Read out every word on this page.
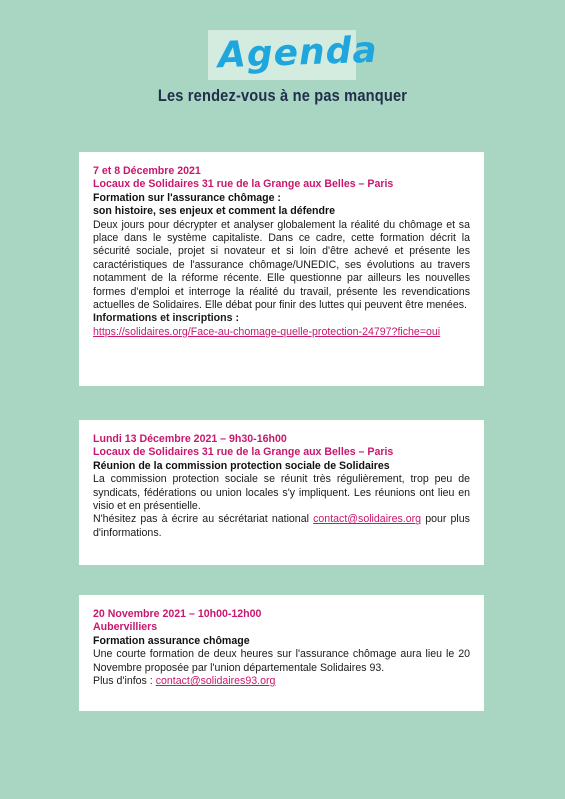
Agenda
Les rendez-vous à ne pas manquer
7 et 8 Décembre 2021
Locaux de Solidaires 31 rue de la Grange aux Belles – Paris
Formation sur l'assurance chômage :
son histoire, ses enjeux et comment la défendre
Deux jours pour décrypter et analyser globalement la réalité du chômage et sa place dans le système capitaliste. Dans ce cadre, cette formation décrit la sécurité sociale, projet si novateur et si loin d'être achevé et présente les caractéristiques de l'assurance chômage/UNEDIC, ses évolutions au travers notamment de la réforme récente. Elle questionne par ailleurs les nouvelles formes d'emploi et interroge la réalité du travail, présente les revendications actuelles de Solidaires. Elle débat pour finir des luttes qui peuvent être menées.
Informations et inscriptions :
https://solidaires.org/Face-au-chomage-quelle-protection-24797?fiche=oui
Lundi 13 Décembre 2021 – 9h30-16h00
Locaux de Solidaires 31 rue de la Grange aux Belles – Paris
Réunion de la commission protection sociale de Solidaires
La commission protection sociale se réunit très régulièrement, trop peu de syndicats, fédérations ou union locales s'y impliquent. Les réunions ont lieu en visio et en présentielle.
N'hésitez pas à écrire au sécrétariat national contact@solidaires.org pour plus d'informations.
20 Novembre 2021 – 10h00-12h00
Aubervilliers
Formation assurance chômage
Une courte formation de deux heures sur l'assurance chômage aura lieu le 20 Novembre proposée par l'union départementale Solidaires 93.
Plus d'infos : contact@solidaires93.org
